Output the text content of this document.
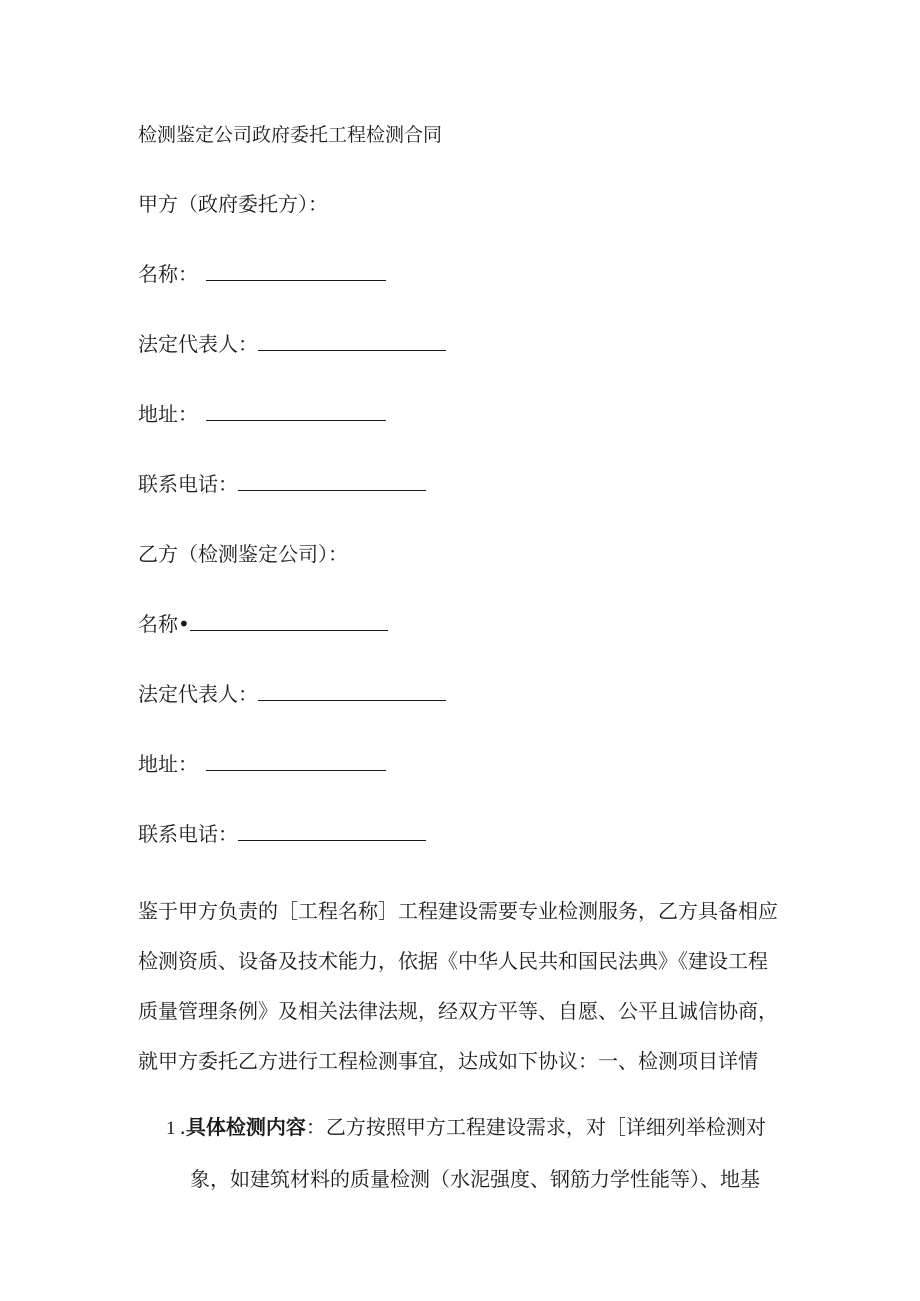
检测鉴定公司政府委托工程检测合同
甲方（政府委托方）：
名称：
法定代表人：
地址：
联系电话：
乙方（检测鉴定公司）：
名称•
法定代表人：
地址：
联系电话：
鉴于甲方负责的［工程名称］工程建设需要专业检测服务，乙方具备相应
检测资质、设备及技术能力，依据《中华人民共和国民法典》《建设工程
质量管理条例》及相关法律法规，经双方平等、自愿、公平且诚信协商，
就甲方委托乙方进行工程检测事宜，达成如下协议：一、检测项目详情
1 .具体检测内容：乙方按照甲方工程建设需求，对［详细列举检测对
象，如建筑材料的质量检测（水泥强度、钢筋力学性能等）、地基
